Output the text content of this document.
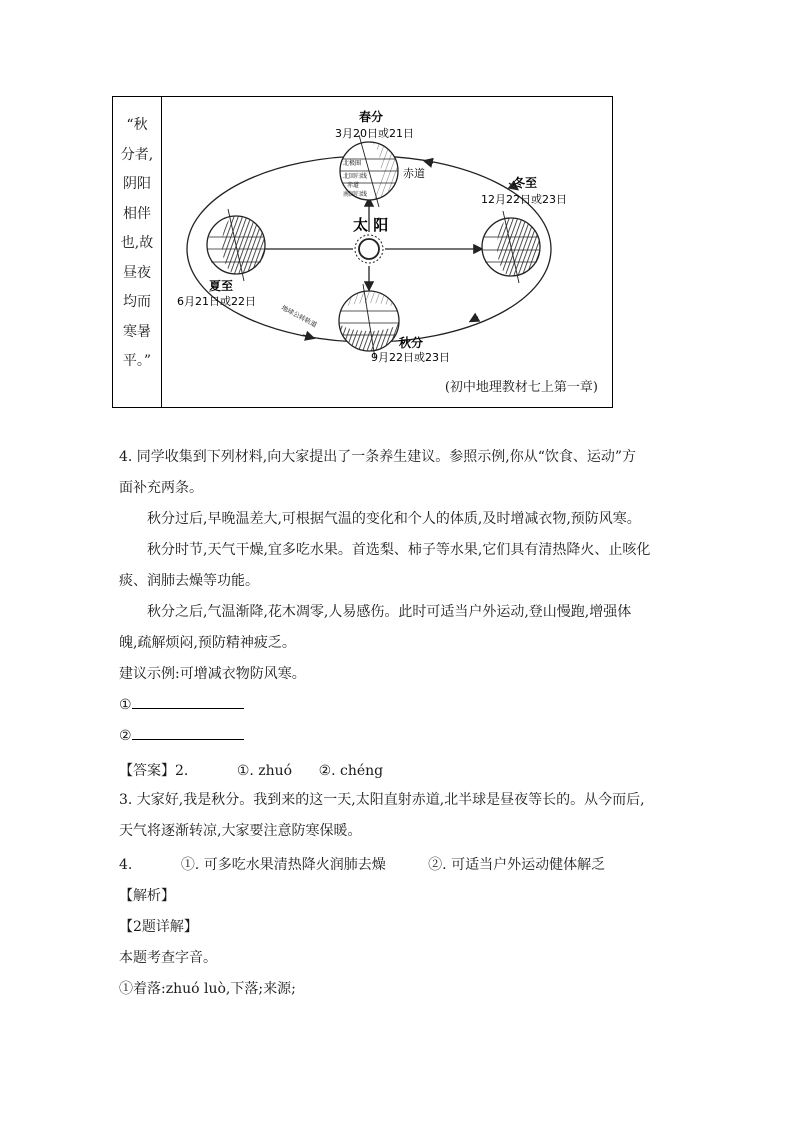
“秋
分者,
阴阳
相伴
也,故
昼夜
均而
寒暑
平。”
太 阳
春分
3月20日或21日
北极圈
北回归线
赤道
南回归线
赤道
冬至
12月22日或23日
夏至
6月21日或22日
秋分
9月22日或23日
地球公转轨道
(初中地理教材七上第一章)
4. 同学收集到下列材料,向大家提出了一条养生建议。参照示例,你从“饮食、运动”方
面补充两条。
秋分过后,早晚温差大,可根据气温的变化和个人的体质,及时增减衣物,预防风寒。
秋分时节,天气干燥,宜多吃水果。首选梨、柿子等水果,它们具有清热降火、止咳化
痰、润肺去燥等功能。
秋分之后,气温渐降,花木凋零,人易感伤。此时可适当户外运动,登山慢跑,增强体
魄,疏解烦闷,预防精神疲乏。
建议示例:可增减衣物防风寒。
①
②
【答案】2.	①. zhuó ②. chéng
3. 大家好,我是秋分。我到来的这一天,太阳直射赤道,北半球是昼夜等长的。从今而后,
天气将逐渐转凉,大家要注意防寒保暖。
4.	①. 可多吃水果清热降火润肺去燥	②. 可适当户外运动健体解乏
【解析】
【2题详解】
本题考查字音。
①着落:zhuó luò,下落;来源;
